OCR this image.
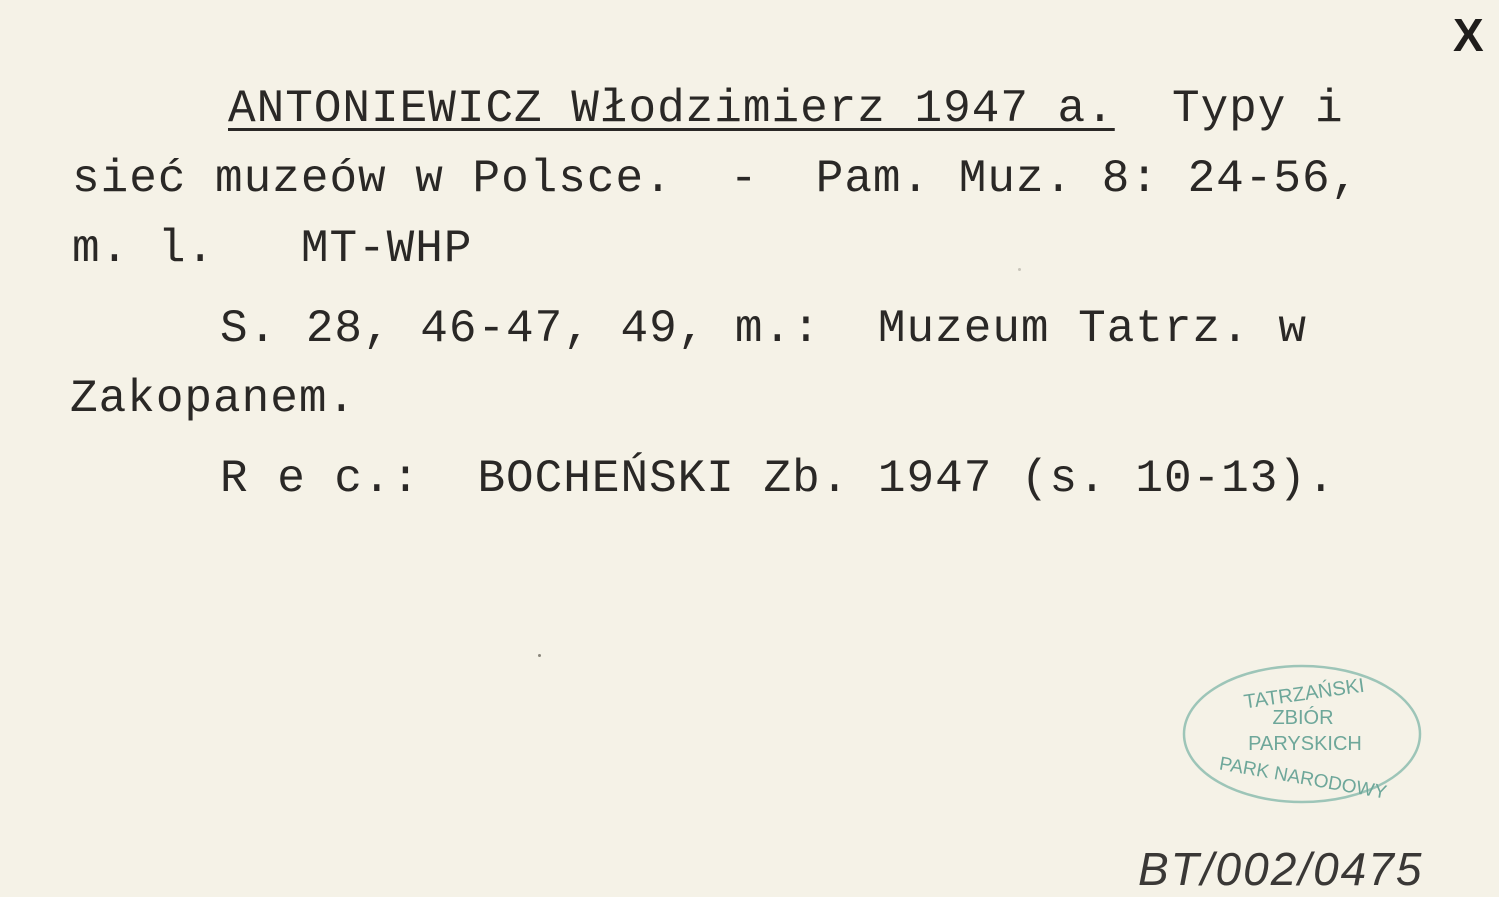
X
ANTONIEWICZ Włodzimierz 1947 a.  Typy i
sieć muzeów w Polsce.  -  Pam. Muz. 8: 24-56,
m. l.   MT-WHP
S. 28, 46-47, 49, m.:  Muzeum Tatrz. w
Zakopanem.
R e c.:  BOCHEŃSKI Zb. 1947 (s. 10-13).
TATRZAŃSKI
ZBIÓR
PARYSKICH
PARK NARODOWY
BT/002/0475
